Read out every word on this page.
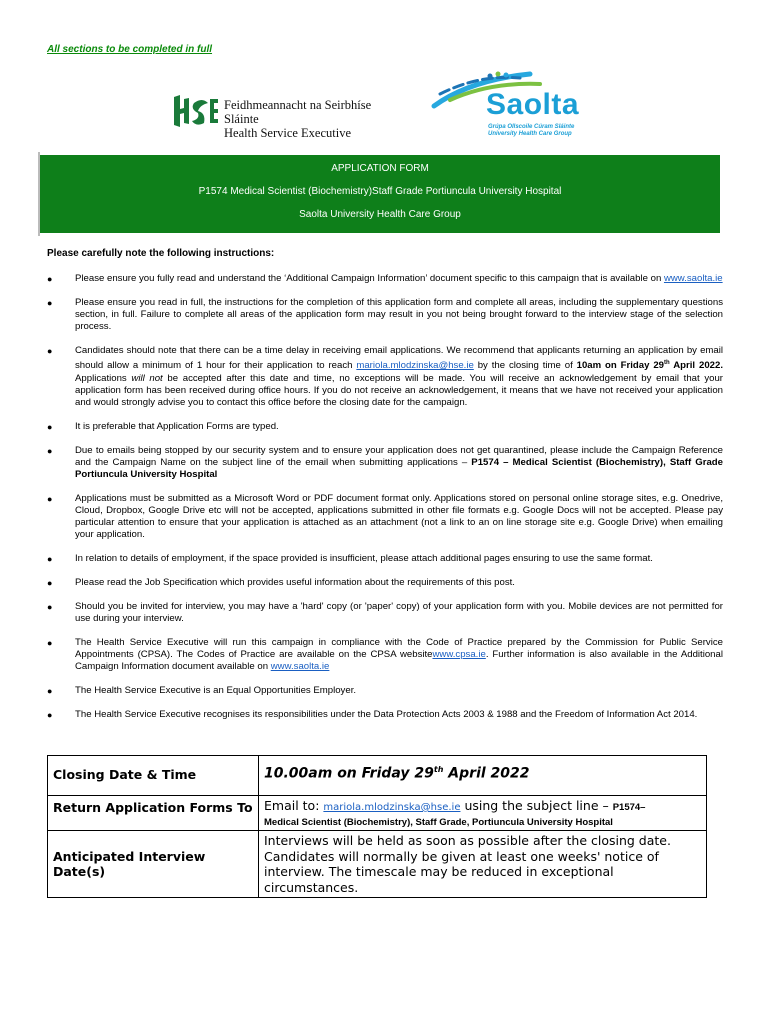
All sections to be completed in full
Feidhmeannacht na Seirbhíse Sláinte
Health Service Executive
Saolta
Grúpa Ollscoile Cúram Sláinte
University Health Care Group
APPLICATION FORM
P1574 Medical Scientist (Biochemistry)Staff Grade Portiuncula University Hospital
Saolta University Health Care Group
Please carefully note the following instructions:
● Please ensure you fully read and understand the ‘Additional Campaign Information’ document specific to this campaign that is available on www.saolta.ie
● Please ensure you read in full, the instructions for the completion of this application form and complete all areas, including the supplementary questions section, in full. Failure to complete all areas of the application form may result in you not being brought forward to the interview stage of the selection process.
● Candidates should note that there can be a time delay in receiving email applications. We recommend that applicants returning an application by email should allow a minimum of 1 hour for their application to reach mariola.mlodzinska@hse.ie by the closing time of 10am on Friday 29th April 2022. Applications will not be accepted after this date and time, no exceptions will be made. You will receive an acknowledgement by email that your application form has been received during office hours. If you do not receive an acknowledgement, it means that we have not received your application and would strongly advise you to contact this office before the closing date for the campaign.
● It is preferable that Application Forms are typed.
● Due to emails being stopped by our security system and to ensure your application does not get quarantined, please include the Campaign Reference and the Campaign Name on the subject line of the email when submitting applications – P1574 – Medical Scientist (Biochemistry), Staff Grade Portiuncula University Hospital
● Applications must be submitted as a Microsoft Word or PDF document format only. Applications stored on personal online storage sites, e.g. Onedrive, Cloud, Dropbox, Google Drive etc will not be accepted, applications submitted in other file formats e.g. Google Docs will not be accepted. Please pay particular attention to ensure that your application is attached as an attachment (not a link to an on line storage site e.g. Google Drive) when emailing your application.
● In relation to details of employment, if the space provided is insufficient, please attach additional pages ensuring to use the same format.
● Please read the Job Specification which provides useful information about the requirements of this post.
● Should you be invited for interview, you may have a 'hard' copy (or 'paper' copy) of your application form with you. Mobile devices are not permitted for use during your interview.
● The Health Service Executive will run this campaign in compliance with the Code of Practice prepared by the Commission for Public Service Appointments (CPSA). The Codes of Practice are available on the CPSA websitewww.cpsa.ie. Further information is also available in the Additional Campaign Information document available on www.saolta.ie
● The Health Service Executive is an Equal Opportunities Employer.
● The Health Service Executive recognises its responsibilities under the Data Protection Acts 2003 & 1988 and the Freedom of Information Act 2014.
Closing Date & Time	10.00am on Friday 29th April 2022
Return Application Forms To	Email to: mariola.mlodzinska@hse.ie using the subject line – P1574–
Medical Scientist (Biochemistry), Staff Grade, Portiuncula University Hospital
Anticipated Interview Date(s)	Interviews will be held as soon as possible after the closing date. Candidates will normally be given at least one weeks' notice of interview. The timescale may be reduced in exceptional circumstances.
